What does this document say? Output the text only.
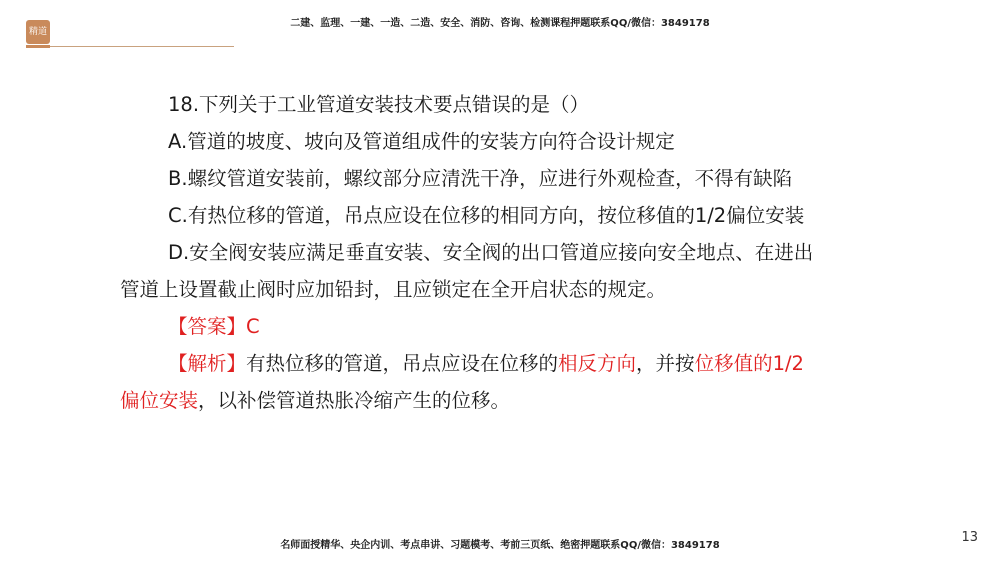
精道
二建、监理、一建、一造、二造、安全、消防、咨询、检测课程押题联系QQ/微信：3849178

18.下列关于工业管道安装技术要点错误的是（）

A.管道的坡度、坡向及管道组成件的安装方向符合设计规定

B.螺纹管道安装前，螺纹部分应清洗干净，应进行外观检查，不得有缺陷

C.有热位移的管道，吊点应设在位移的相同方向，按位移值的1/2偏位安装

D.安全阀安装应满足垂直安装、安全阀的出口管道应接向安全地点、在进出管道上设置截止阀时应加铅封，且应锁定在全开启状态的规定。

【答案】C

【解析】有热位移的管道，吊点应设在位移的相反方向，并按位移值的1/2偏位安装，以补偿管道热胀冷缩产生的位移。

名师面授精华、央企内训、考点串讲、习题模考、考前三页纸、绝密押题联系QQ/微信：3849178
13
